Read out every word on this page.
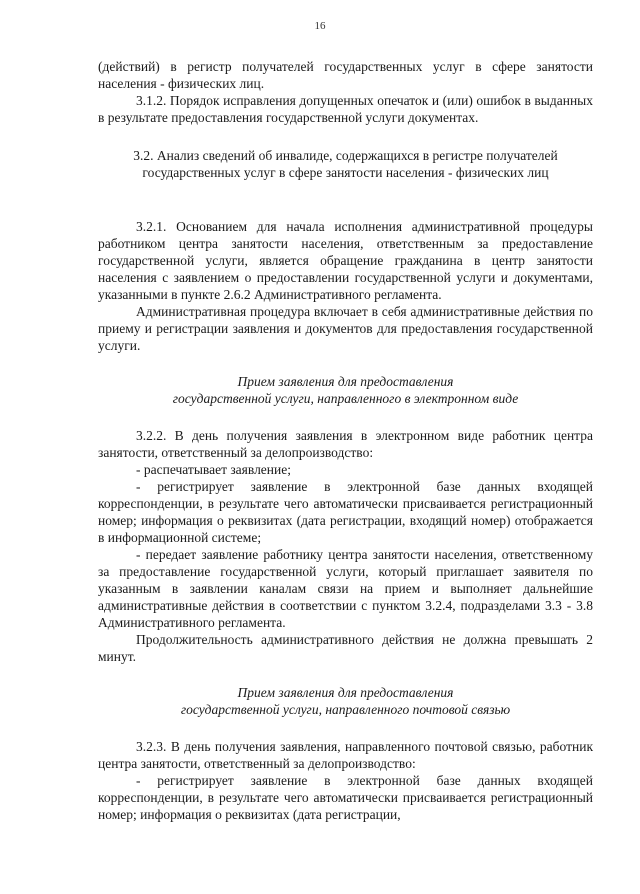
16

(действий) в регистр получателей государственных услуг в сфере занятости населения - физических лиц.

3.1.2. Порядок исправления допущенных опечаток и (или) ошибок в выданных в результате предоставления государственной услуги документах.

3.2. Анализ сведений об инвалиде, содержащихся в регистре получателей государственных услуг в сфере занятости населения - физических лиц

3.2.1. Основанием для начала исполнения административной процедуры работником центра занятости населения, ответственным за предоставление государственной услуги, является обращение гражданина в центр занятости населения с заявлением о предоставлении государственной услуги и документами, указанными в пункте 2.6.2 Административного регламента.

Административная процедура включает в себя административные действия по приему и регистрации заявления и документов для предоставления государственной услуги.

Прием заявления для предоставления
государственной услуги, направленного в электронном виде

3.2.2. В день получения заявления в электронном виде работник центра занятости, ответственный за делопроизводство:

- распечатывает заявление;

- регистрирует заявление в электронной базе данных входящей корреспонденции, в результате чего автоматически присваивается регистрационный номер; информация о реквизитах (дата регистрации, входящий номер) отображается в информационной системе;

- передает заявление работнику центра занятости населения, ответственному за предоставление государственной услуги, который приглашает заявителя по указанным в заявлении каналам связи на прием и выполняет дальнейшие административные действия в соответствии с пунктом 3.2.4, подразделами 3.3 - 3.8 Административного регламента.

Продолжительность административного действия не должна превышать 2 минут.

Прием заявления для предоставления
государственной услуги, направленного почтовой связью

3.2.3. В день получения заявления, направленного почтовой связью, работник центра занятости, ответственный за делопроизводство:

- регистрирует заявление в электронной базе данных входящей корреспонденции, в результате чего автоматически присваивается регистрационный номер; информация о реквизитах (дата регистрации,
